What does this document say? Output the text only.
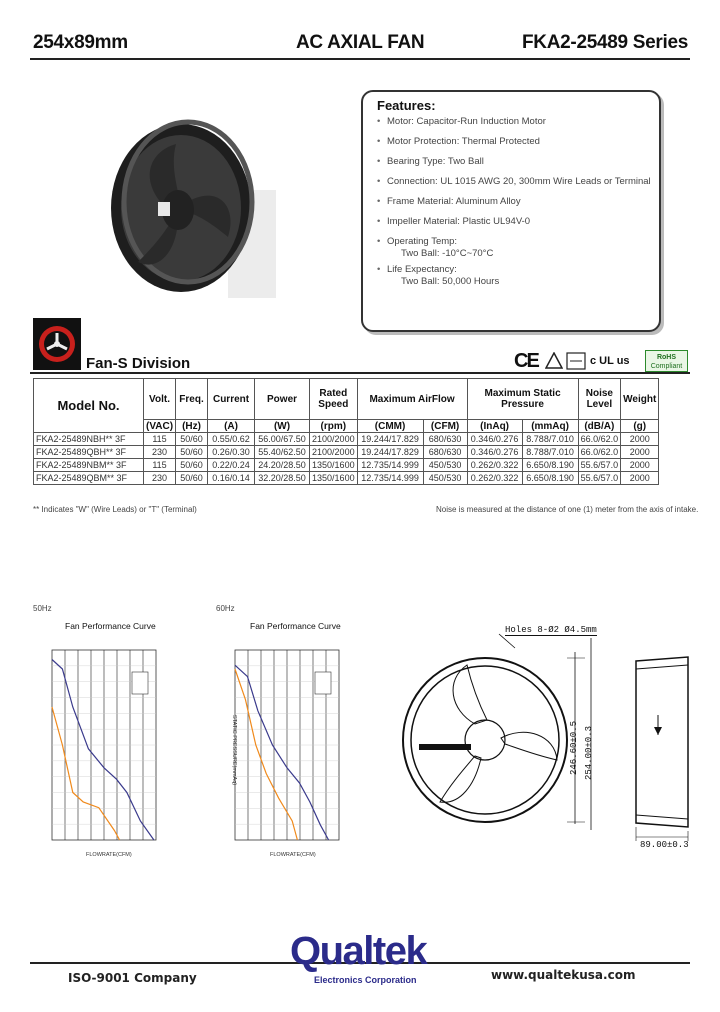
254x89mm	AC AXIAL FAN	FKA2-25489 Series
Features:
• Motor: Capacitor-Run Induction Motor
• Motor Protection: Thermal Protected
• Bearing Type: Two Ball
• Connection: UL 1015 AWG 20, 300mm Wire Leads or Terminal
• Frame Material: Aluminum Alloy
• Impeller Material: Plastic UL94V-0
• Operating Temp:
Two Ball: -10°C~70°C
• Life Expectancy:
Two Ball: 50,000 Hours
Fan-S Division	CE	c UL us	RoHS
Compliant
Model No.	Volt.	Freq.	Current	Power	Rated Speed	Maximum AirFlow		Maximum Static Pressure		Noise Level	Weight
	(VAC)	(Hz)	(A)	(W)	(rpm)	(CMM)	(CFM)	(InAq)	(mmAq)	(dB/A)	(g)
FKA2-25489NBH** 3F	115	50/60	0.55/0.62	56.00/67.50	2100/2000	19.244/17.829	680/630	0.346/0.276	8.788/7.010	66.0/62.0	2000
FKA2-25489QBH** 3F	230	50/60	0.26/0.30	55.40/62.50	2100/2000	19.244/17.829	680/630	0.346/0.276	8.788/7.010	66.0/62.0	2000
FKA2-25489NBM** 3F	115	50/60	0.22/0.24	24.20/28.50	1350/1600	12.735/14.999	450/530	0.262/0.322	6.650/8.190	55.6/57.0	2000
FKA2-25489QBM** 3F	230	50/60	0.16/0.14	32.20/28.50	1350/1600	12.735/14.999	450/530	0.262/0.322	6.650/8.190	55.6/57.0	2000
** Indicates "W" (Wire Leads) or "T" (Terminal)	Noise is measured at the distance of one (1) meter from the axis of intake.
50Hz
Fan Performance Curve
60Hz
Fan Performance Curve
FLOWRATE(CFM)	FLOWRATE(CFM)
STATIC PRESSURE(mmAq)
Holes 8-Ø2 Ø4.5mm
246.60±0.5 254.00±0.3
89.00±0.3
ISO-9001 Company
Qualtek
Electronics Corporation	www.qualtekusa.com
